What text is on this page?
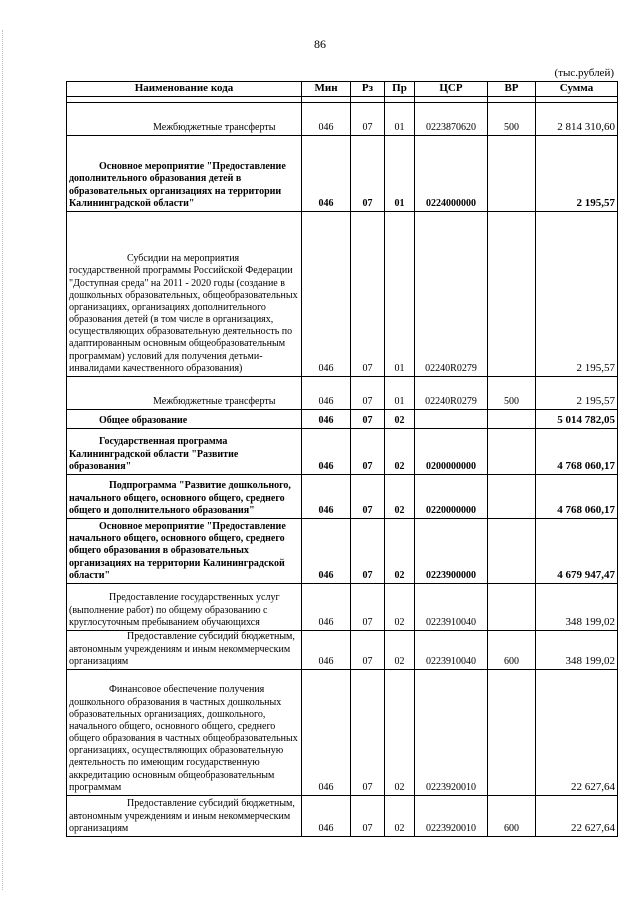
86
(тыс.рублей)
Наименование кода	Мин	Рз	Пр	ЦСР	ВР	Сумма

Межбюджетные трансферты	046	07	01	0223870620	500	2 814 310,60

Основное мероприятие "Предоставление дополнительного образования детей в образовательных организациях на территории Калининградской области"	046	07	01	0224000000		2 195,57

Субсидии на мероприятия государственной программы Российской Федерации "Доступная среда" на 2011 - 2020 годы (создание в дошкольных образовательных, общеобразовательных организациях, организациях дополнительного образования детей (в том числе в организациях, осуществляющих образовательную деятельность по адаптированным основным общеобразовательным программам) условий для получения детьми-инвалидами качественного образования)	046	07	01	02240R0279		2 195,57

Межбюджетные трансферты	046	07	01	02240R0279	500	2 195,57

Общее образование	046	07	02			5 014 782,05

Государственная программа Калининградской области "Развитие образования"	046	07	02	0200000000		4 768 060,17

Подпрограмма "Развитие дошкольного, начального общего, основного общего, среднего общего и дополнительного образования"	046	07	02	0220000000		4 768 060,17

Основное мероприятие "Предоставление начального общего, основного общего, среднего общего образования в образовательных организациях на территории Калининградской области"	046	07	02	0223900000		4 679 947,47

Предоставление государственных услуг (выполнение работ) по общему образованию с круглосуточным пребыванием обучающихся	046	07	02	0223910040		348 199,02

Предоставление субсидий бюджетным, автономным учреждениям и иным некоммерческим организациям	046	07	02	0223910040	600	348 199,02

Финансовое обеспечение получения дошкольного образования в частных дошкольных образовательных организациях, дошкольного, начального общего, основного общего, среднего общего образования в частных общеобразовательных организациях, осуществляющих образовательную деятельность по имеющим государственную аккредитацию основным общеобразовательным программам	046	07	02	0223920010		22 627,64

Предоставление субсидий бюджетным, автономным учреждениям и иным некоммерческим организациям	046	07	02	0223920010	600	22 627,64
